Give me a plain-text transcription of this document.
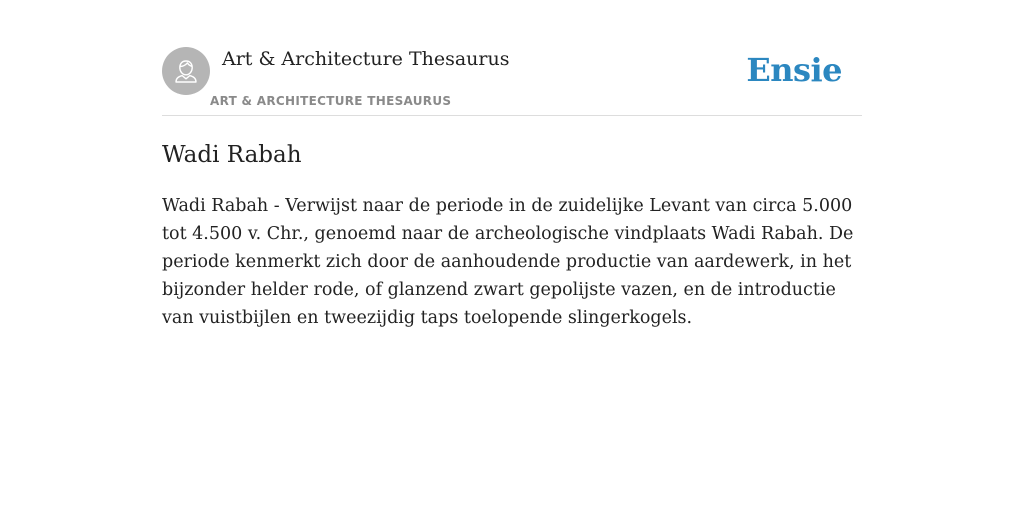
Art & Architecture Thesaurus
ART & ARCHITECTURE THESAURUS
Ensie
Wadi Rabah

Wadi Rabah - Verwijst naar de periode in de zuidelijke Levant van circa 5.000 tot 4.500 v. Chr., genoemd naar de archeologische vindplaats Wadi Rabah. De periode kenmerkt zich door de aanhoudende productie van aardewerk, in het bijzonder helder rode, of glanzend zwart gepolijste vazen, en de introductie van vuistbijlen en tweezijdig taps toelopende slingerkogels.
